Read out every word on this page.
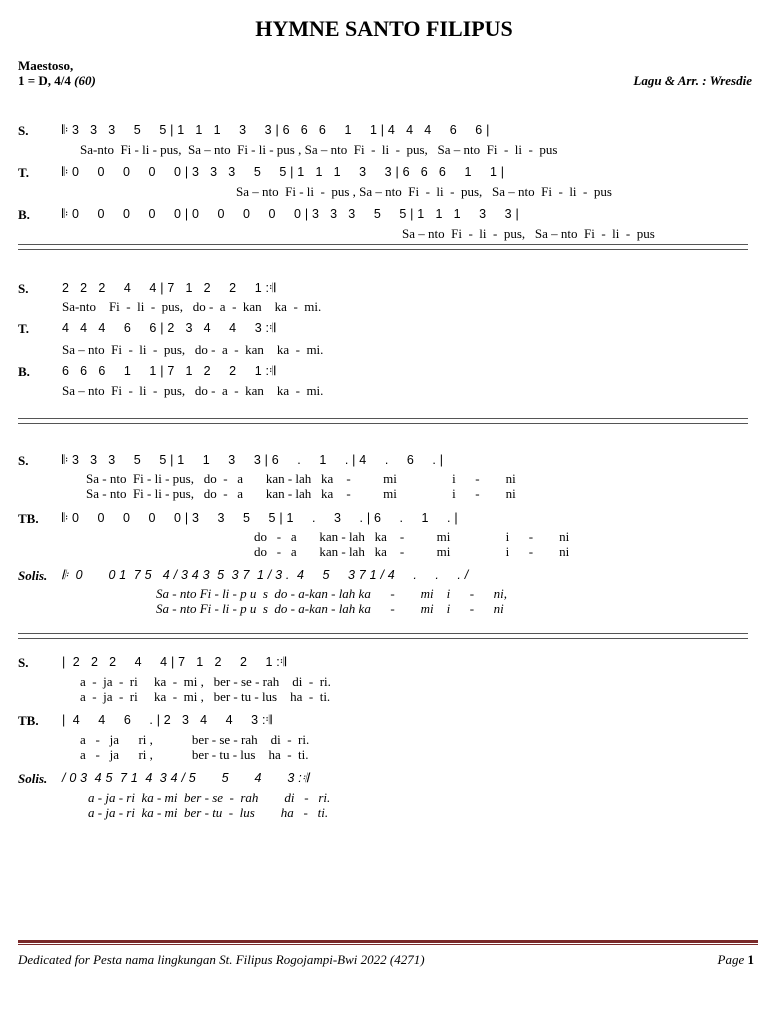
HYMNE SANTO FILIPUS
Maestoso,
1 = D, 4/4 (60)	Lagu & Arr. : Wresdie
S.	𝄆 3   3   3     5     5 | 1   1   1     3     3 | 6   6   6     1     1 | 4   4   4     6     6 |
Sa-nto  Fi - li - pus,  Sa – nto  Fi - li - pus , Sa – nto  Fi  -  li  -  pus,   Sa – nto  Fi  -  li  -  pus
T.	𝄆 0     0     0     0     0 | 3   3   3     5     5 | 1   1   1     3     3 | 6   6   6     1     1 |
Sa – nto  Fi - li  -  pus , Sa – nto  Fi  -  li  -  pus,   Sa – nto  Fi  -  li  -  pus
B.	𝄆 0     0     0     0     0 | 0     0     0     0     0 | 3   3   3     5     5 | 1   1   1     3     3 |
Sa – nto  Fi  -  li  -  pus,   Sa – nto  Fi  -  li  -  pus
S.	2   2   2     4     4 | 7   1   2     2     1 :𝄇
Sa-nto    Fi  -  li  -  pus,   do -  a  -  kan    ka  -  mi.
T.	4   4   4     6     6 | 2   3   4     4     3 :𝄇
Sa – nto  Fi  -  li  -  pus,   do -  a  -  kan    ka  -  mi.
B.	6   6   6     1     1 | 7   1   2     2     1 :𝄇
Sa – nto  Fi  -  li  -  pus,   do -  a  -  kan    ka  -  mi.
S.	𝄆 3   3   3     5     5 | 1     1     3     3 | 6     .     1     . | 4     .     6     . |
Sa - nto  Fi - li - pus,   do  -   a       kan - lah   ka    -          mi                 i      -        ni
Sa - nto  Fi - li - pus,   do  -   a       kan - lah   ka    -          mi                 i      -        ni
TB. 𝄆 0     0     0     0     0 | 3     3     5     5 | 1     .     3     . | 6     .     1     . |
do   -   a       kan - lah   ka    -          mi                 i      -        ni
do   -   a       kan - lah   ka    -          mi                 i      -        ni
Solis. 𝄆  0       0 1  7 5   4 / 3 4 3  5  3 7  1 / 3 .  4     5     3 7 1 / 4     .     .     . /
Sa - nto Fi - li - p u  s  do - a-kan - lah ka      -        mi    i      -      ni,
Sa - nto Fi - li - p u  s  do - a-kan - lah ka      -        mi    i      -      ni
S.	|  2   2   2     4     4 | 7   1   2     2     1 :𝄇
a  -  ja  -  ri     ka  -  mi ,   ber - se - rah    di  -  ri.
a  -  ja  -  ri     ka  -  mi ,   ber - tu - lus    ha  -  ti.
TB. |  4     4     6     . | 2   3   4     4     3 :𝄇
a   -   ja      ri ,            ber - se - rah    di  -  ri.
a   -   ja      ri ,            ber - tu - lus    ha  -  ti.
Solis. / 0 3  4 5  7 1  4  3 4 / 5       5       4       3 :𝄇
a - ja - ri  ka - mi  ber - se  -  rah        di   -   ri.
a - ja - ri  ka - mi  ber - tu  -  lus        ha   -   ti.
Dedicated for Pesta nama lingkungan St. Filipus Rogojampi-Bwi 2022 (4271)	Page 1
